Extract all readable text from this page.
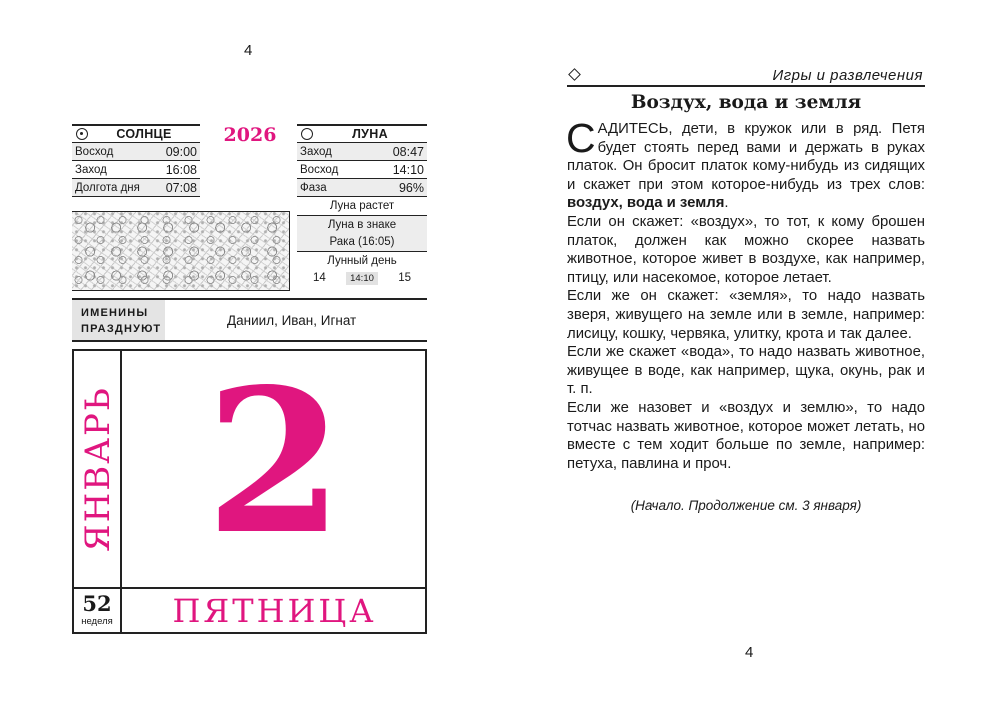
4
СОЛНЦЕ
Восход	09:00
Заход	16:08
Долгота дня 07:08
2026	ЛУНА
Заход	08:47
Восход	14:10
Фаза	96%
Луна растет
Луна в знаке
Рака (16:05)
Лунный день
14	14:10	15
ИМЕНИНЫ
ПРАЗДНУЮТ
Даниил, Иван, Игнат
ЯНВАРЬ 2
52
неделя	ПЯТНИЦА
Игры и развлечения
Воздух, вода и земля

САДИТЕСЬ, дети, в кружок или в ряд. Петя будет стоять перед вами и держать в руках платок. Он бросит платок кому-нибудь из сидящих и скажет при этом которое-нибудь из трех слов: воздух, вода и земля.

Если он скажет: «воздух», то тот, к кому брошен платок, должен как можно скорее назвать животное, которое живет в воздухе, как например, птицу, или насекомое, которое летает.

Если же он скажет: «земля», то надо назвать зверя, живущего на земле или в земле, например: лисицу, кошку, червяка, улитку, крота и так далее.

Если же скажет «вода», то надо назвать животное, живущее в воде, как например, щука, окунь, рак и т. п.

Если же назовет и «воздух и землю», то надо тотчас назвать животное, которое может летать, но вместе с тем ходит больше по земле, например: петуха, павлина и проч.

(Начало. Продолжение см. 3 января)
4
